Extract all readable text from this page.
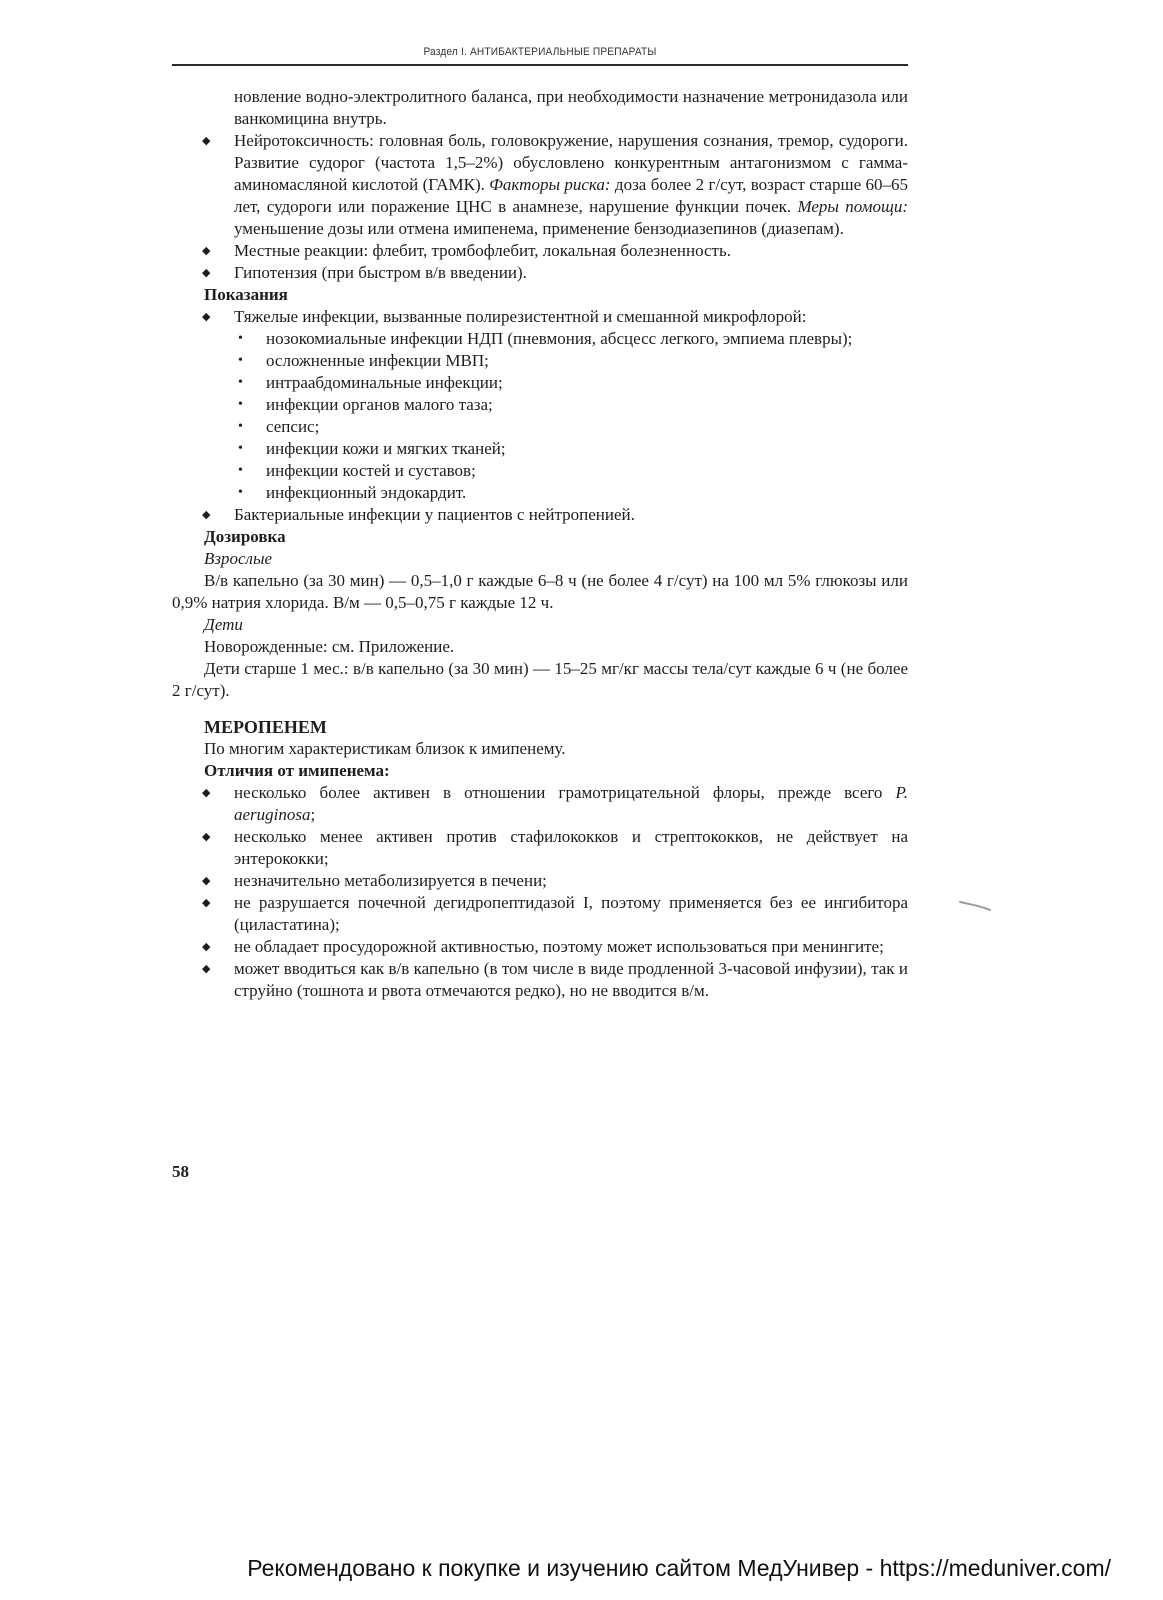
Раздел I. АНТИБАКТЕРИАЛЬНЫЕ ПРЕПАРАТЫ

новление водно-электролитного баланса, при необходимости назначение метронидазола или ванкомицина внутрь.

◆ Нейротоксичность: головная боль, головокружение, нарушения сознания, тремор, судороги. Развитие судорог (частота 1,5–2%) обусловлено конкурентным антагонизмом с гамма-аминомасляной кислотой (ГАМК). Факторы риска: доза более 2 г/сут, возраст старше 60–65 лет, судороги или поражение ЦНС в анамнезе, нарушение функции почек. Меры помощи: уменьшение дозы или отмена имипенема, применение бензодиазепинов (диазепам).
◆ Местные реакции: флебит, тромбофлебит, локальная болезненность.
◆ Гипотензия (при быстром в/в введении).

Показания

◆ Тяжелые инфекции, вызванные полирезистентной и смешанной микрофлорой:
• нозокомиальные инфекции НДП (пневмония, абсцесс легкого, эмпиема плевры);
• осложненные инфекции МВП;
• интраабдоминальные инфекции;
• инфекции органов малого таза;
• сепсис;
• инфекции кожи и мягких тканей;
• инфекции костей и суставов;
• инфекционный эндокардит.
◆ Бактериальные инфекции у пациентов с нейтропенией.

Дозировка

Взрослые

В/в капельно (за 30 мин) — 0,5–1,0 г каждые 6–8 ч (не более 4 г/сут) на 100 мл 5% глюкозы или 0,9% натрия хлорида. В/м — 0,5–0,75 г каждые 12 ч.

Дети

Новорожденные: см. Приложение.

Дети старше 1 мес.: в/в капельно (за 30 мин) — 15–25 мг/кг массы тела/сут каждые 6 ч (не более 2 г/сут).

МЕРОПЕНЕМ

По многим характеристикам близок к имипенему.

Отличия от имипенема:

◆ несколько более активен в отношении грамотрицательной флоры, прежде всего P. aeruginosa;
◆ несколько менее активен против стафилококков и стрептококков, не действует на энтерококки;
◆ незначительно метаболизируется в печени;
◆ не разрушается почечной дегидропептидазой I, поэтому применяется без ее ингибитора (циластатина);
◆ не обладает просудорожной активностью, поэтому может использоваться при менингите;
◆ может вводиться как в/в капельно (в том числе в виде продленной 3-часовой инфузии), так и струйно (тошнота и рвота отмечаются редко), но не вводится в/м.
58
Рекомендовано к покупке и изучению сайтом МедУнивер - https://meduniver.com/
